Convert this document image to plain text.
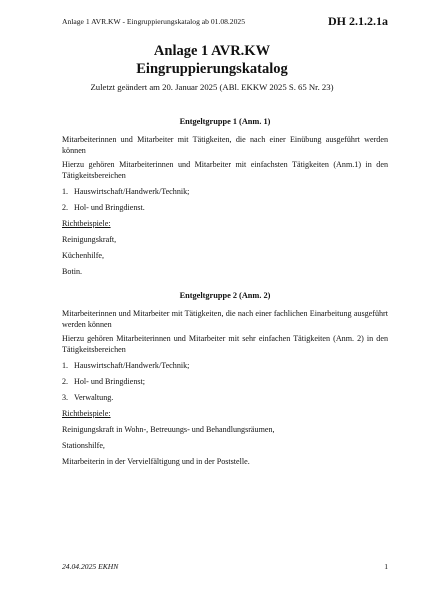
Anlage 1 AVR.KW - Eingruppierungskatalog ab 01.08.2025	DH 2.1.2.1a
Anlage 1 AVR.KW
Eingruppierungskatalog
Zuletzt geändert am 20. Januar 2025 (ABl. EKKW 2025 S. 65 Nr. 23)
Entgeltgruppe 1 (Anm. 1)
Mitarbeiterinnen und Mitarbeiter mit Tätigkeiten, die nach einer Einübung ausgeführt werden können
Hierzu gehören Mitarbeiterinnen und Mitarbeiter mit einfachsten Tätigkeiten (Anm.1) in den Tätigkeitsbereichen
1. Hauswirtschaft/Handwerk/Technik;
2. Hol- und Bringdienst.
Richtbeispiele:
Reinigungskraft,
Küchenhilfe,
Botin.
Entgeltgruppe 2 (Anm. 2)
Mitarbeiterinnen und Mitarbeiter mit Tätigkeiten, die nach einer fachlichen Einarbeitung ausgeführt werden können
Hierzu gehören Mitarbeiterinnen und Mitarbeiter mit sehr einfachen Tätigkeiten (Anm. 2) in den Tätigkeitsbereichen
1. Hauswirtschaft/Handwerk/Technik;
2. Hol- und Bringdienst;
3. Verwaltung.
Richtbeispiele:
Reinigungskraft in Wohn-, Betreuungs- und Behandlungsräumen,
Stationshilfe,
Mitarbeiterin in der Vervielfältigung und in der Poststelle.
24.04.2025 EKHN	1
